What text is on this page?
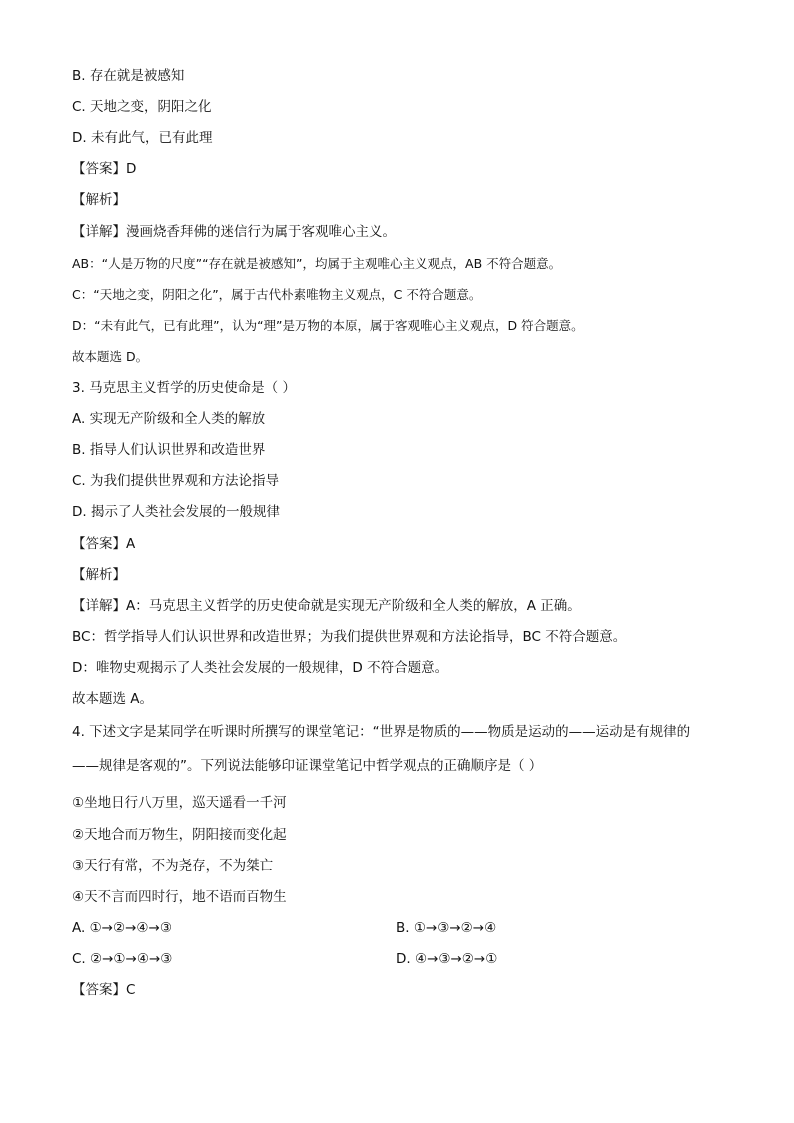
B. 存在就是被感知
C. 天地之变，阴阳之化
D. 未有此气，已有此理
【答案】D
【解析】
【详解】漫画烧香拜佛的迷信行为属于客观唯心主义。
AB：“人是万物的尺度”“存在就是被感知”，均属于主观唯心主义观点，AB 不符合题意。
C：“天地之变，阴阳之化”，属于古代朴素唯物主义观点，C 不符合题意。
D：“未有此气，已有此理”，认为“理”是万物的本原，属于客观唯心主义观点，D 符合题意。
故本题选 D。
3. 马克思主义哲学的历史使命是（ ）
A. 实现无产阶级和全人类的解放
B. 指导人们认识世界和改造世界
C. 为我们提供世界观和方法论指导
D. 揭示了人类社会发展的一般规律
【答案】A
【解析】
【详解】A：马克思主义哲学的历史使命就是实现无产阶级和全人类的解放，A 正确。
BC：哲学指导人们认识世界和改造世界；为我们提供世界观和方法论指导，BC 不符合题意。
D：唯物史观揭示了人类社会发展的一般规律，D 不符合题意。
故本题选 A。
4. 下述文字是某同学在听课时所撰写的课堂笔记：“世界是物质的——物质是运动的——运动是有规律的
——规律是客观的”。下列说法能够印证课堂笔记中哲学观点的正确顺序是（ ）
①坐地日行八万里，巡天遥看一千河
②天地合而万物生，阴阳接而变化起
③天行有常，不为尧存，不为桀亡
④天不言而四时行，地不语而百物生
A. ①→②→④→③	B. ①→③→②→④
C. ②→①→④→③	D. ④→③→②→①
【答案】C
